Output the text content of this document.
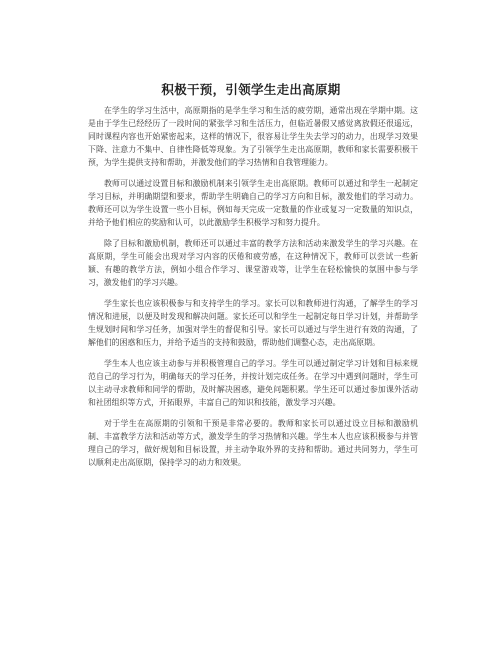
积极干预，引领学生走出高原期

在学生的学习生活中，高原期指的是学生学习和生活的疲劳期，通常出现在学期中期。这是由于学生已经经历了一段时间的紧张学习和生活压力，但临近暑假又感觉离放假还很遥远，同时课程内容也开始紧密起来，这样的情况下，很容易让学生失去学习的动力，出现学习效果下降、注意力不集中、自律性降低等现象。为了引领学生走出高原期，教师和家长需要积极干预，为学生提供支持和帮助，并激发他们的学习热情和自我管理能力。

教师可以通过设置目标和激励机制来引领学生走出高原期。教师可以通过和学生一起制定学习目标，并明确期望和要求，帮助学生明确自己的学习方向和目标，激发他们的学习动力。教师还可以为学生设置一些小目标，例如每天完成一定数量的作业或复习一定数量的知识点，并给予他们相应的奖励和认可，以此激励学生积极学习和努力提升。

除了目标和激励机制，教师还可以通过丰富的教学方法和活动来激发学生的学习兴趣。在高原期，学生可能会出现对学习内容的厌倦和疲劳感，在这种情况下，教师可以尝试一些新颖、有趣的教学方法，例如小组合作学习、课堂游戏等，让学生在轻松愉快的氛围中参与学习，激发他们的学习兴趣。

学生家长也应该积极参与和支持学生的学习。家长可以和教师进行沟通，了解学生的学习情况和进展，以便及时发现和解决问题。家长还可以和学生一起制定每日学习计划，并帮助学生规划时间和学习任务，加强对学生的督促和引导。家长可以通过与学生进行有效的沟通，了解他们的困惑和压力，并给予适当的支持和鼓励，帮助他们调整心态，走出高原期。

学生本人也应该主动参与并积极管理自己的学习。学生可以通过制定学习计划和目标来规范自己的学习行为，明确每天的学习任务，并按计划完成任务。在学习中遇到问题时，学生可以主动寻求教师和同学的帮助，及时解决困惑，避免问题积累。学生还可以通过参加课外活动和社团组织等方式，开拓眼界，丰富自己的知识和技能，激发学习兴趣。

对于学生在高原期的引领和干预是非常必要的。教师和家长可以通过设立目标和激励机制、丰富教学方法和活动等方式，激发学生的学习热情和兴趣。学生本人也应该积极参与并管理自己的学习，做好规划和目标设置，并主动争取外界的支持和帮助。通过共同努力，学生可以顺利走出高原期，保持学习的动力和效果。
